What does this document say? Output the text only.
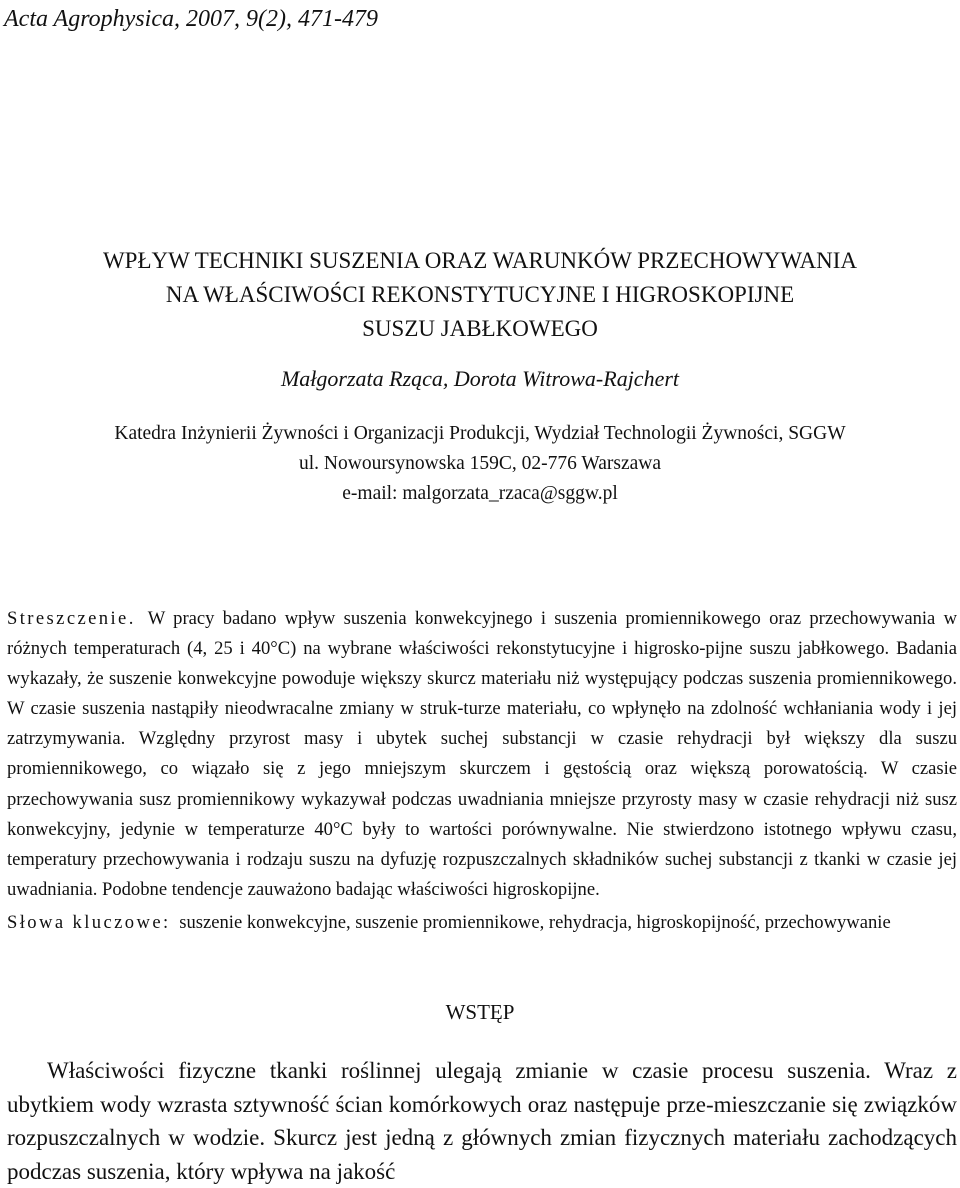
Acta Agrophysica, 2007, 9(2), 471-479

WPŁYW TECHNIKI SUSZENIA ORAZ WARUNKÓW PRZECHOWYWANIA
NA WŁAŚCIWOŚCI REKONSTYTUCYJNE I HIGROSKOPIJNE
SUSZU JABŁKOWEGO

Małgorzata Rząca, Dorota Witrowa-Rajchert

Katedra Inżynierii Żywności i Organizacji Produkcji, Wydział Technologii Żywności, SGGW
ul. Nowoursynowska 159C, 02-776 Warszawa
e-mail: malgorzata_rzaca@sggw.pl

Streszczenie. W pracy badano wpływ suszenia konwekcyjnego i suszenia promiennikowego oraz przechowywania w różnych temperaturach (4, 25 i 40°C) na wybrane właściwości rekonstytucyjne i higrosko-pijne suszu jabłkowego. Badania wykazały, że suszenie konwekcyjne powoduje większy skurcz materiału niż występujący podczas suszenia promiennikowego. W czasie suszenia nastąpiły nieodwracalne zmiany w struk-turze materiału, co wpłynęło na zdolność wchłaniania wody i jej zatrzymywania. Względny przyrost masy i ubytek suchej substancji w czasie rehydracji był większy dla suszu promiennikowego, co wiązało się z jego mniejszym skurczem i gęstością oraz większą porowatością. W czasie przechowywania susz promiennikowy wykazywał podczas uwadniania mniejsze przyrosty masy w czasie rehydracji niż susz konwekcyjny, jedynie w temperaturze 40°C były to wartości porównywalne. Nie stwierdzono istotnego wpływu czasu, temperatury przechowywania i rodzaju suszu na dyfuzję rozpuszczalnych składników suchej substancji z tkanki w czasie jej uwadniania. Podobne tendencje zauważono badając właściwości higroskopijne.

Słowa kluczowe: suszenie konwekcyjne, suszenie promiennikowe, rehydracja, higroskopijność, przechowywanie

WSTĘP

Właściwości fizyczne tkanki roślinnej ulegają zmianie w czasie procesu suszenia. Wraz z ubytkiem wody wzrasta sztywność ścian komórkowych oraz następuje prze-mieszczanie się związków rozpuszczalnych w wodzie. Skurcz jest jedną z głównych zmian fizycznych materiału zachodzących podczas suszenia, który wpływa na jakość
